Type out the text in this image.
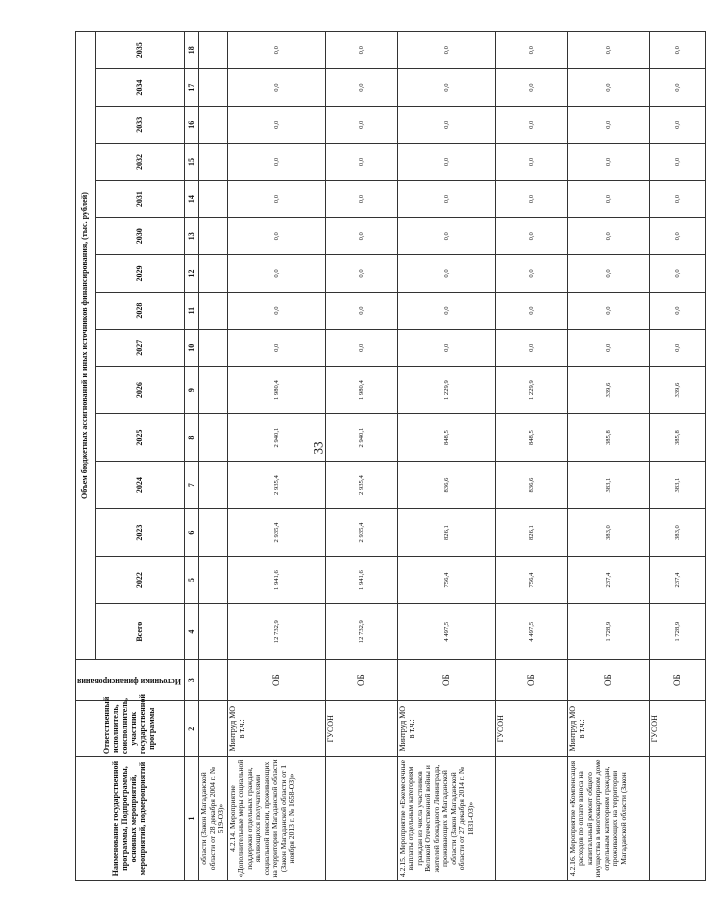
33
Наименование государственной программы, Подпрограммы, основных мероприятий, мероприятий, подмероприятий	Ответственный исполнитель, соисполнитель, участник государственной программы	Источники финансирования	Объем бюджетных ассигнований и иных источников финансирования, (тыс. рублей)														
			Всего	2022	2023	2024	2025	2026	2027	2028	2029	2030	2031	2032	2033	2034	2035
1	2	3	4	5	6	7	8	9	10	11	12	13	14	15	16	17	18
области (Закон Магаданской области от 28 декабря 2004 г. № 519-ОЗ)»																	
4.2.14. Мероприятие «Дополнительные меры социальной поддержки отдельных граждан, являющихся получателями социальной пенсии, проживающих на территории Магаданской области (Закон Магаданской области от 1 ноября 2013 г. № 1658-ОЗ)»	Минтруд МО в т.ч.:	ОБ	12 732,9	1 941,6	2 935,4	2 935,4	2 940,1	1 980,4	0,0	0,0	0,0	0,0	0,0	0,0	0,0	0,0	0,0
	ГУСОН	ОБ	12 732,9	1 941,6	2 935,4	2 935,4	2 940,1	1 980,4	0,0	0,0	0,0	0,0	0,0	0,0	0,0	0,0	0,0
4.2.15. Мероприятие «Ежемесячные выплаты отдельным категориям граждан из числа участников Великой Отечественной войны и жителей блокадного Ленинграда, проживающих в Магаданской области (Закон Магаданской области от 27 декабря 2014 г. № 1831-ОЗ)»	Минтруд МО в т.ч.:	ОБ	4 497,5	756,4	826,1	836,6	848,5	1 229,9	0,0	0,0	0,0	0,0	0,0	0,0	0,0	0,0	0,0
	ГУСОН	ОБ	4 497,5	756,4	826,1	836,6	848,5	1 229,9	0,0	0,0	0,0	0,0	0,0	0,0	0,0	0,0	0,0
4.2.16. Мероприятие «Компенсация расходов по оплате взноса на капитальный ремонт общего имущества в многоквартирном доме отдельным категориям граждан, проживающих на территории Магаданской области (Закон	Минтруд МО в т.ч.:	ОБ	1 728,9	237,4	383,0	383,1	385,8	339,6	0,0	0,0	0,0	0,0	0,0	0,0	0,0	0,0	0,0
	ГУСОН	ОБ	1 728,9	237,4	383,0	383,1	385,8	339,6	0,0	0,0	0,0	0,0	0,0	0,0	0,0	0,0	0,0
